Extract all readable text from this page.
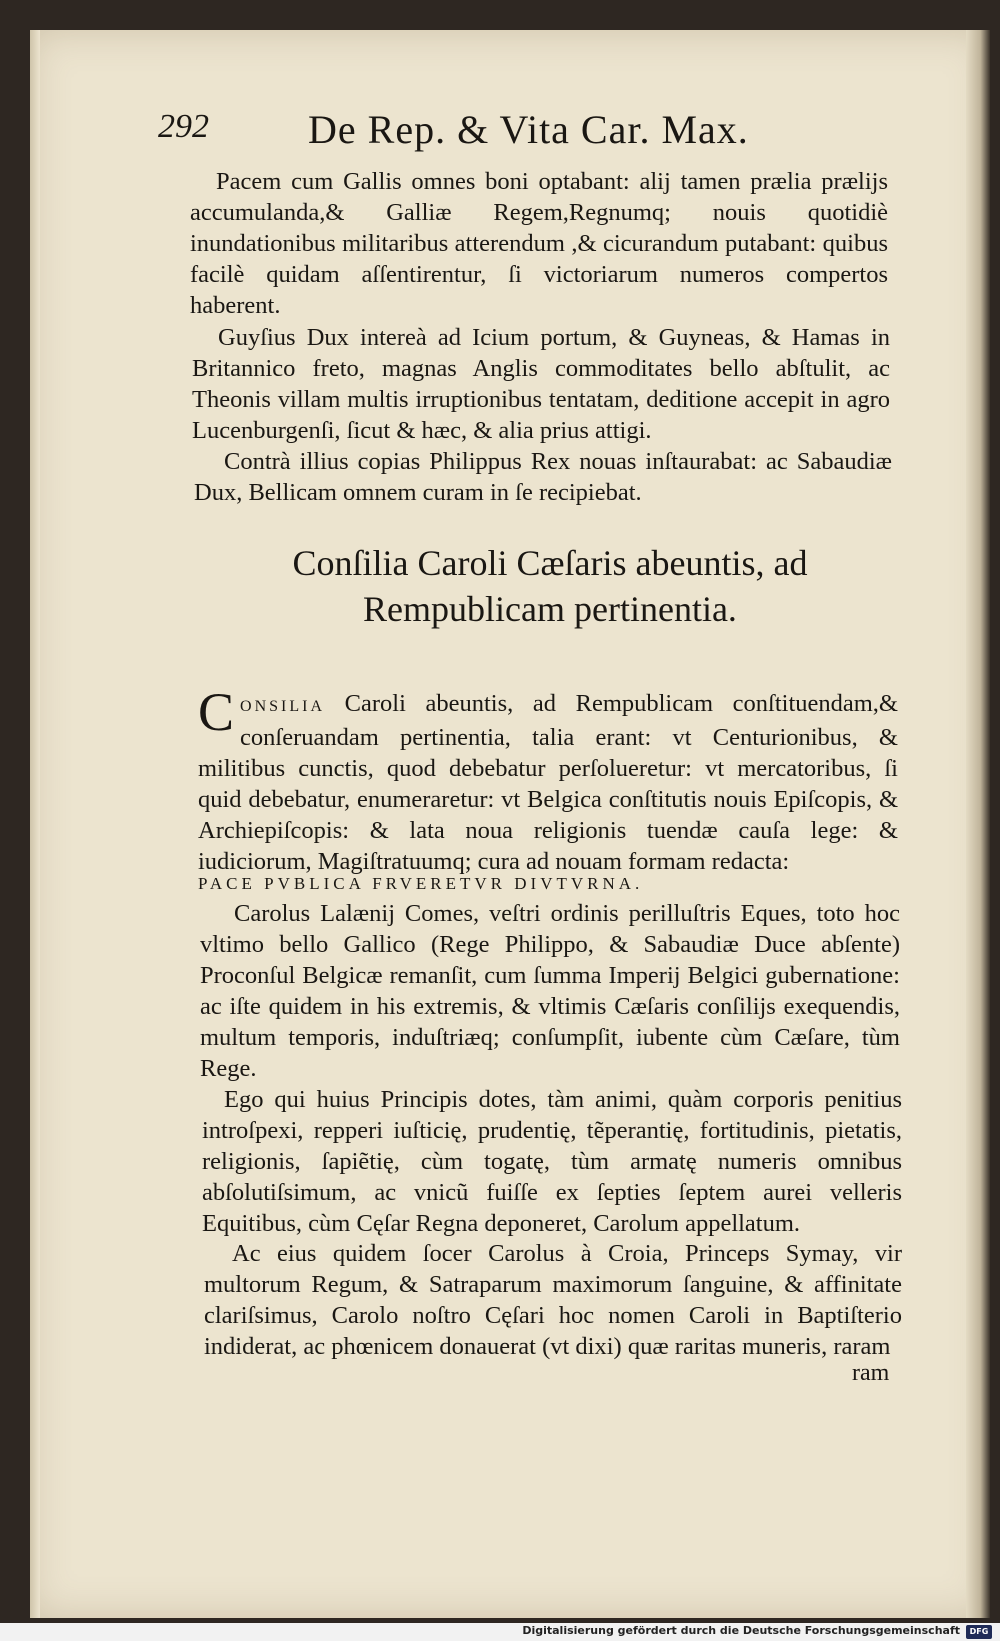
292 De Rep. & Vita Car. Max.

Pacem cum Gallis omnes boni optabant: alij tamen prælia prælijs accumulanda,& Galliæ Regem,Regnumq; nouis quotidiè inundationibus militaribus atterendum ,& cicurandum putabant: quibus facilè quidam aſſentirentur, ſi victoriarum numeros compertos haberent.

Guyſius Dux intereà ad Icium portum, & Guyneas, & Hamas in Britannico freto, magnas Anglis commoditates bello abſtulit, ac Theonis villam multis irruptionibus tentatam, deditione accepit in agro Lucenburgenſi, ſicut & hæc, & alia prius attigi.

Contrà illius copias Philippus Rex nouas inſtaurabat: ac Sabaudiæ Dux, Bellicam omnem curam in ſe recipiebat.

Conſilia Caroli Cæſaris abeuntis, ad Rempublicam pertinentia.
C ONSILIA Caroli abeuntis, ad Rempublicam conſtituendam,& conſeruandam pertinentia, talia erant: vt Centurionibus, & militibus cunctis, quod debebatur perſolueretur: vt mercatoribus, ſi quid debebatur, enumeraretur: vt Belgica conſtitutis nouis Epiſcopis, & Archiepiſcopis: & lata noua religionis tuendæ cauſa lege: & iudiciorum, Magiſtratuumq; cura ad nouam formam redacta:

PACE PVBLICA FRVERETVR DIVTVRNA.

Carolus Lalænij Comes, veſtri ordinis perilluſtris Eques, toto hoc vltimo bello Gallico (Rege Philippo, & Sabaudiæ Duce abſente) Proconſul Belgicæ remanſit, cum ſumma Imperij Belgici gubernatione: ac iſte quidem in his extremis, & vltimis Cæſaris conſilijs exequendis, multum temporis, induſtriæq; conſumpſit, iubente cùm Cæſare, tùm Rege.

Ego qui huius Principis dotes, tàm animi, quàm corporis penitius introſpexi, repperi iuſticię, prudentię, tẽperantię, fortitudinis, pietatis, religionis, ſapiẽtię, cùm togatę, tùm armatę numeris omnibus abſolutiſsimum, ac vnicũ fuiſſe ex ſepties ſeptem aurei velleris Equitibus, cùm Cęſar Regna deponeret, Carolum appellatum.

Ac eius quidem ſocer Carolus à Croia, Princeps Symay, vir multorum Regum, & Satraparum maximorum ſanguine, & affinitate clariſsimus, Carolo noſtro Cęſari hoc nomen Caroli in Baptiſterio indiderat, ac phœnicem donauerat (vt dixi) quæ raritas muneris, raram

ram
Digitalisierung gefördert durch die Deutsche Forschungsgemeinschaft	DFG
